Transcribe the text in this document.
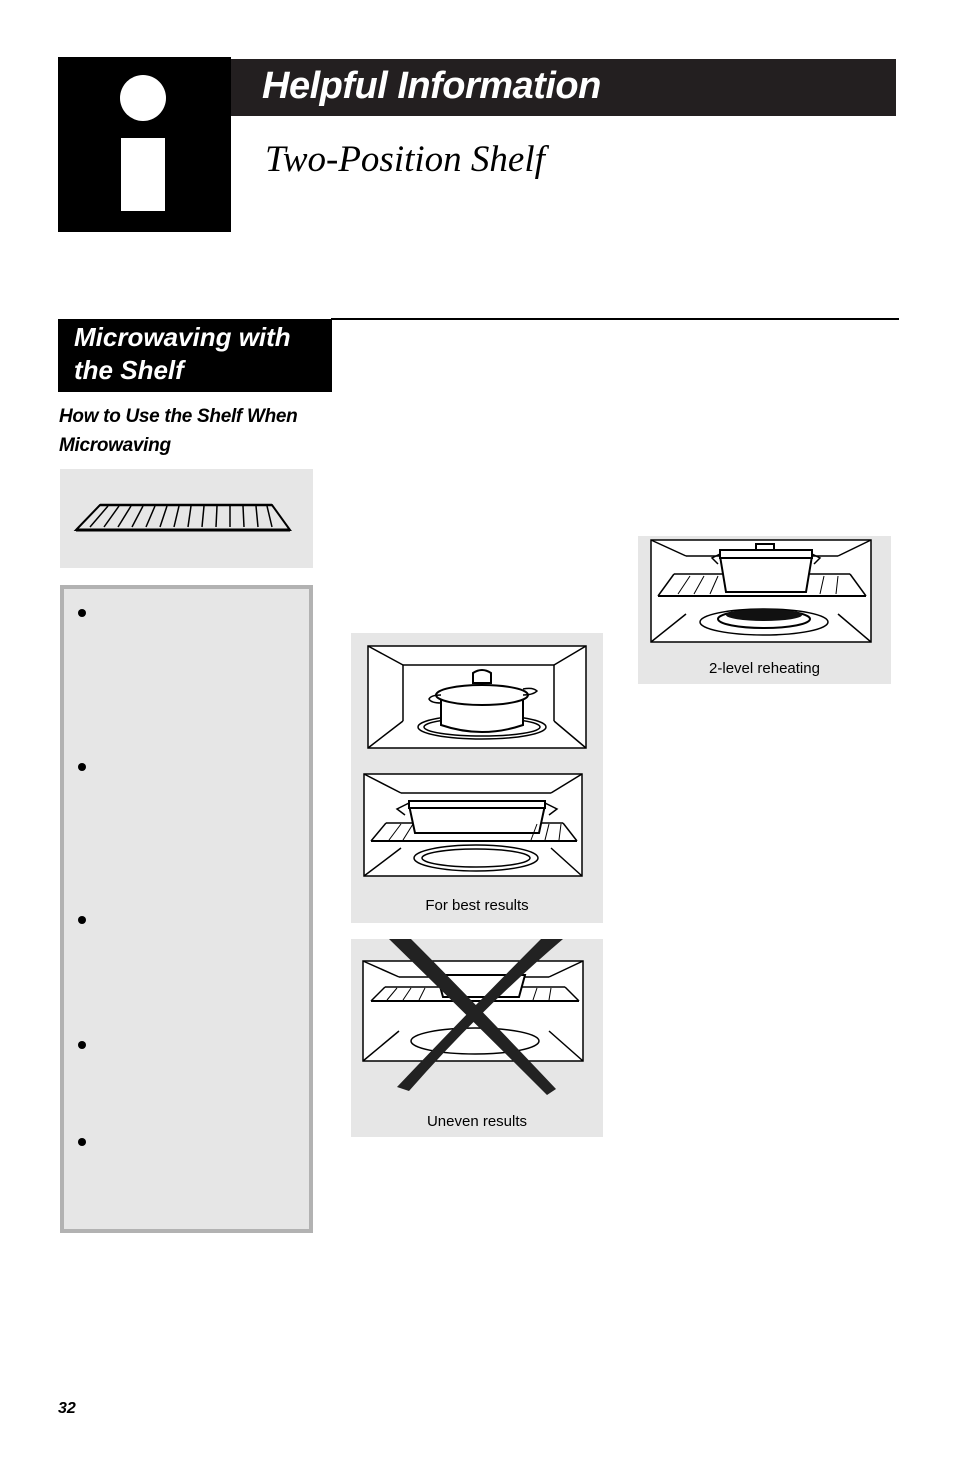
Helpful Information
Two-Position Shelf
Microwaving with the Shelf
How to Use the Shelf When Microwaving
For best results
Uneven results
2-level reheating
32
